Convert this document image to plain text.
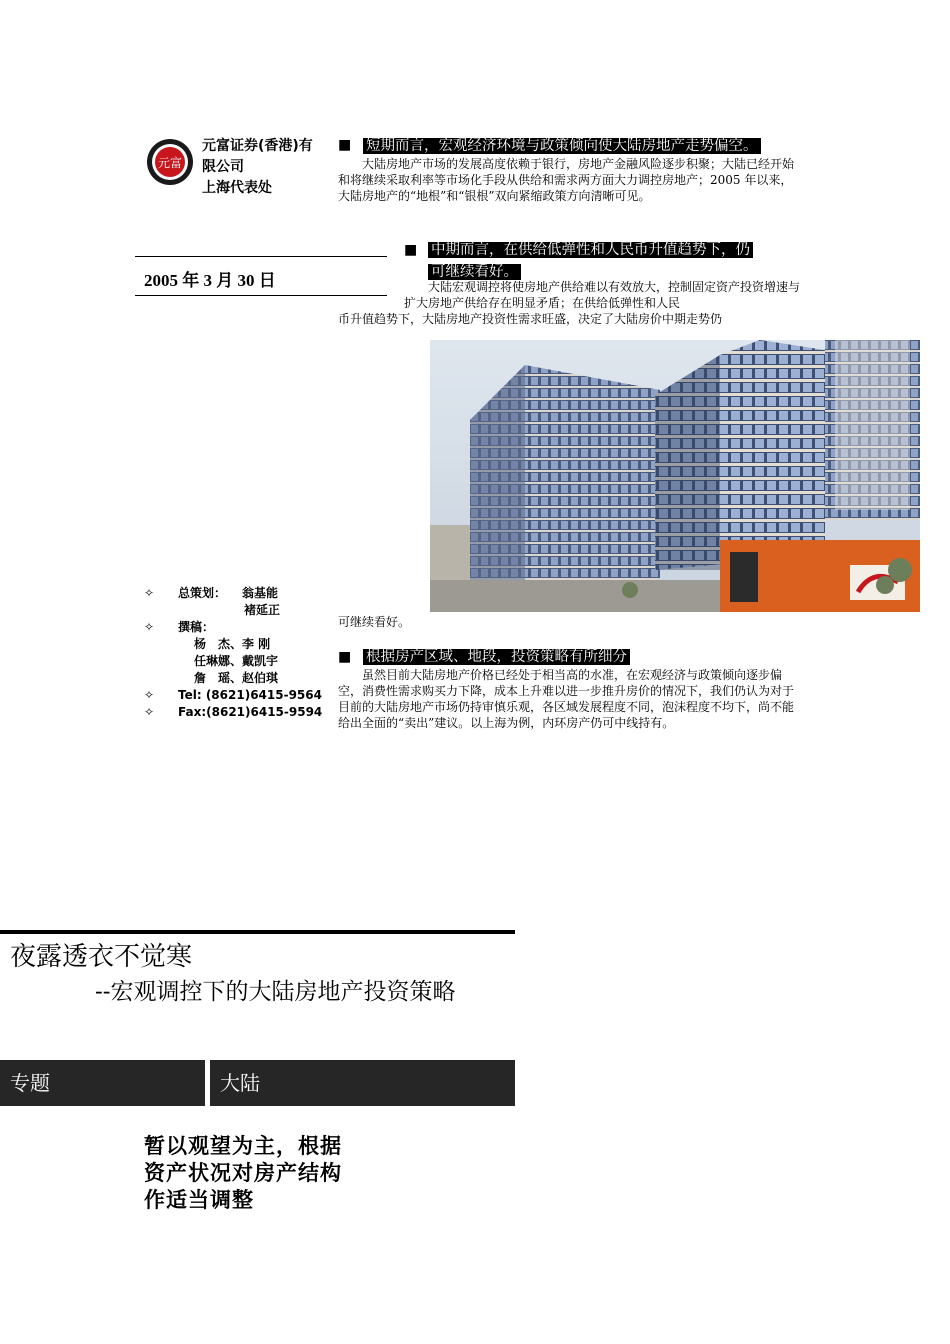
元富
元富证券(香港)有
限公司
上海代表处
■ 短期而言，宏观经济环境与政策倾向使大陆房地产走势偏空。
大陆房地产市场的发展高度依赖于银行，房地产金融风险逐步积聚；大陆已经开始和将继续采取利率等市场化手段从供给和需求两方面大力调控房地产；2005 年以来，大陆房地产的“地根”和“银根”双向紧缩政策方向清晰可见。
2005 年 3 月 30 日
■ 中期而言，在供给低弹性和人民币升值趋势下，仍
可继续看好。
大陆宏观调控将使房地产供给难以有效放大，控制固定资产投资增速与扩大房地产供给存在明显矛盾；在供给低弹性和人民
币升值趋势下，大陆房地产投资性需求旺盛，决定了大陆房价中期走势仍
可继续看好。
■ 根据房产区域、地段，投资策略有所细分
虽然目前大陆房地产价格已经处于相当高的水准，在宏观经济与政策倾向逐步偏空，消费性需求购买力下降，成本上升难以进一步推升房价的情况下，我们仍认为对于目前的大陆房地产市场仍持审慎乐观，各区域发展程度不同，泡沫程度不均下，尚不能给出全面的“卖出”建议。以上海为例，内环房产仍可中线持有。
✧ 总策划： 翁基能
褚延正
✧ 撰稿：
杨　杰、李 刚
任琳娜、戴凯宇
詹　瑶、赵伯琪
✧ Tel: (8621)6415-9564
✧ Fax:(8621)6415-9594
夜露透衣不觉寒
--宏观调控下的大陆房地产投资策略
专题	大陆
暂以观望为主，根据资产状况对房产结构作适当调整
